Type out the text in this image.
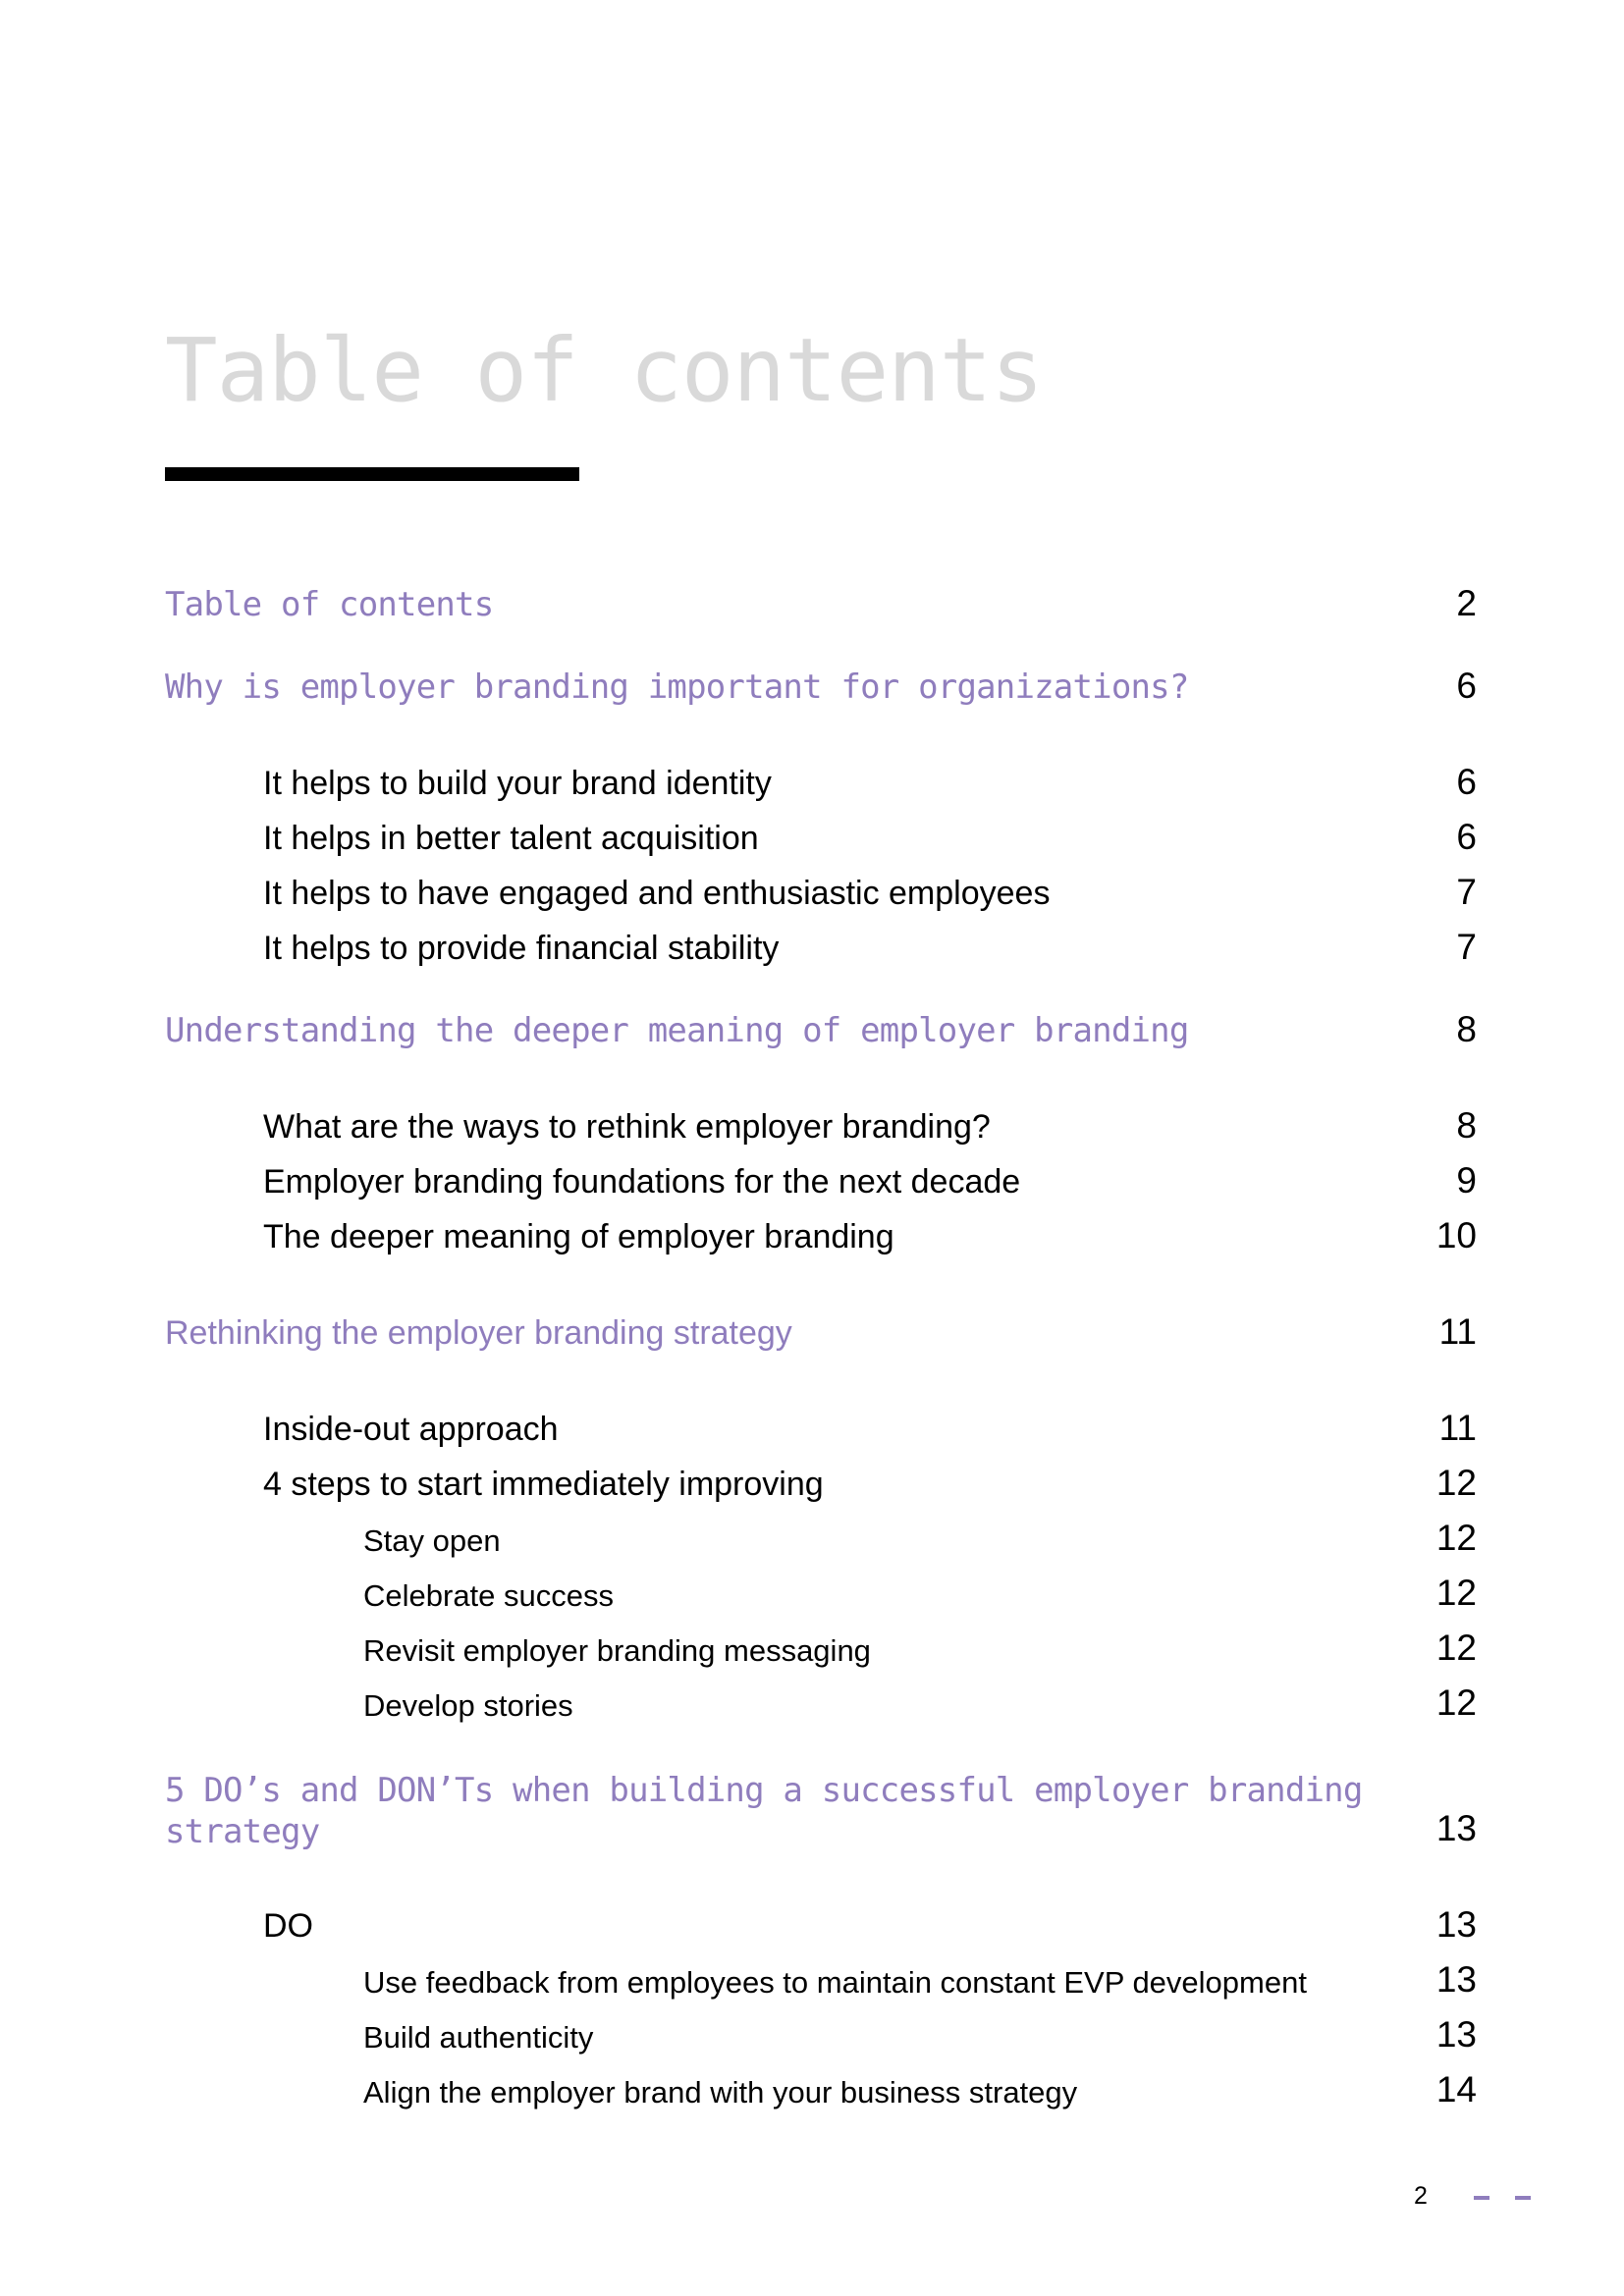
Table of contents
Table of contents	2
Why is employer branding important for organizations?	6
It helps to build your brand identity	6
It helps in better talent acquisition	6
It helps to have engaged and enthusiastic employees	7
It helps to provide financial stability	7
Understanding the deeper meaning of employer branding	8
What are the ways to rethink employer branding?	8
Employer branding foundations for the next decade	9
The deeper meaning of employer branding	10
Rethinking the employer branding strategy	11
Inside-out approach	11
4 steps to start immediately improving	12
Stay open	12
Celebrate success	12
Revisit employer branding messaging	12
Develop stories	12
5 DO’s and DON’Ts when building a successful employer branding strategy	13
DO	13
Use feedback from employees to maintain constant EVP development	13
Build authenticity	13
Align the employer brand with your business strategy	14
2
